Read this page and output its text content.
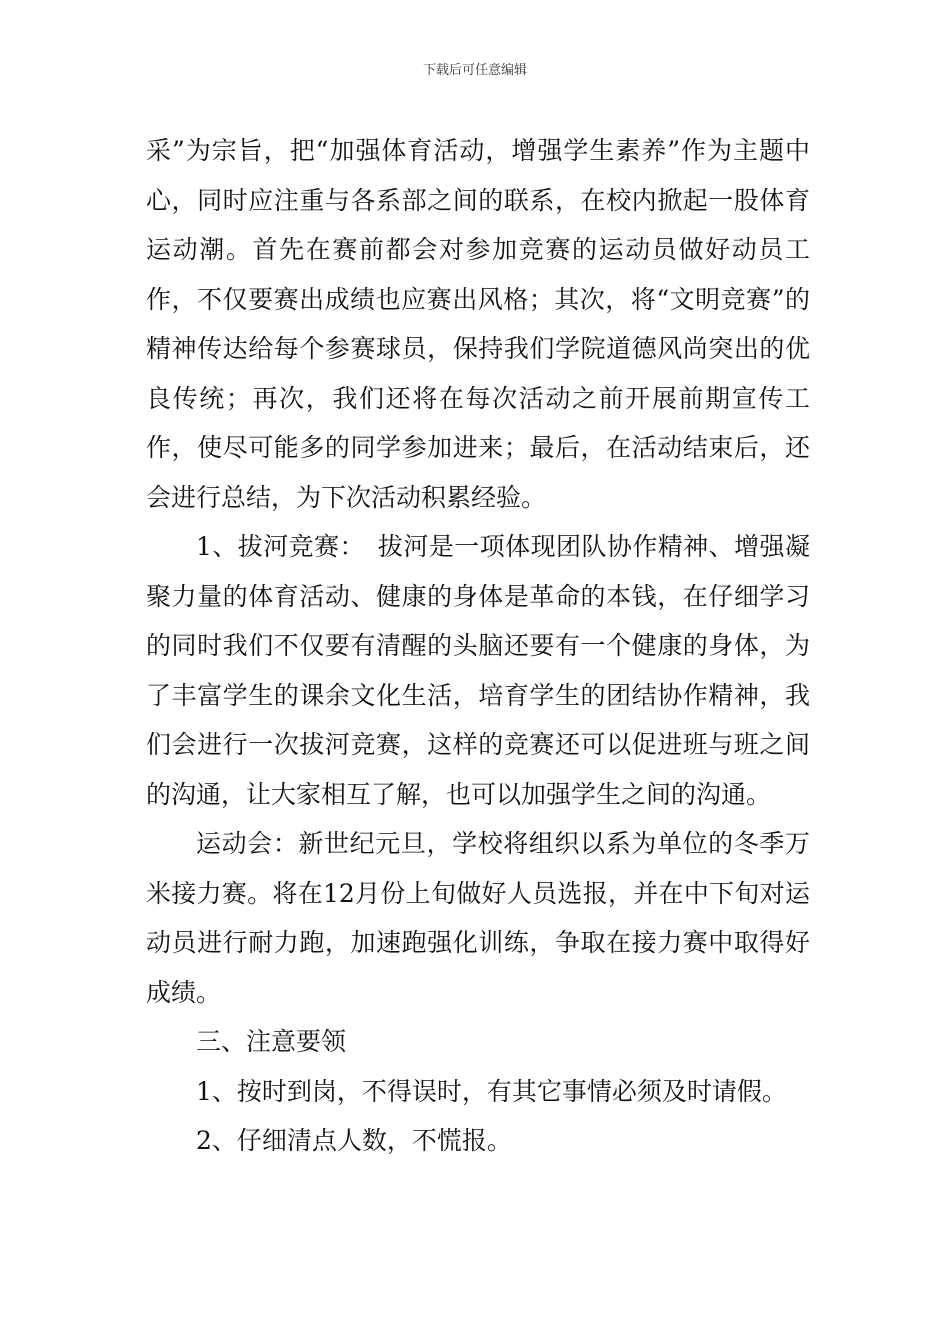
下载后可任意编辑

采”为宗旨，把“加强体育活动，增强学生素养”作为主题中心，同时应注重与各系部之间的联系，在校内掀起一股体育运动潮。首先在赛前都会对参加竞赛的运动员做好动员工作，不仅要赛出成绩也应赛出风格；其次，将“文明竞赛”的精神传达给每个参赛球员，保持我们学院道德风尚突出的优良传统；再次，我们还将在每次活动之前开展前期宣传工作，使尽可能多的同学参加进来；最后，在活动结束后，还会进行总结，为下次活动积累经验。

1、拔河竞赛：　拔河是一项体现团队协作精神、增强凝聚力量的体育活动、健康的身体是革命的本钱，在仔细学习的同时我们不仅要有清醒的头脑还要有一个健康的身体，为了丰富学生的课余文化生活，培育学生的团结协作精神，我们会进行一次拔河竞赛，这样的竞赛还可以促进班与班之间的沟通，让大家相互了解，也可以加强学生之间的沟通。

运动会：新世纪元旦，学校将组织以系为单位的冬季万米接力赛。将在12月份上旬做好人员选报，并在中下旬对运动员进行耐力跑，加速跑强化训练，争取在接力赛中取得好成绩。

三、注意要领

1、按时到岗，不得误时，有其它事情必须及时请假。

2、仔细清点人数，不慌报。
